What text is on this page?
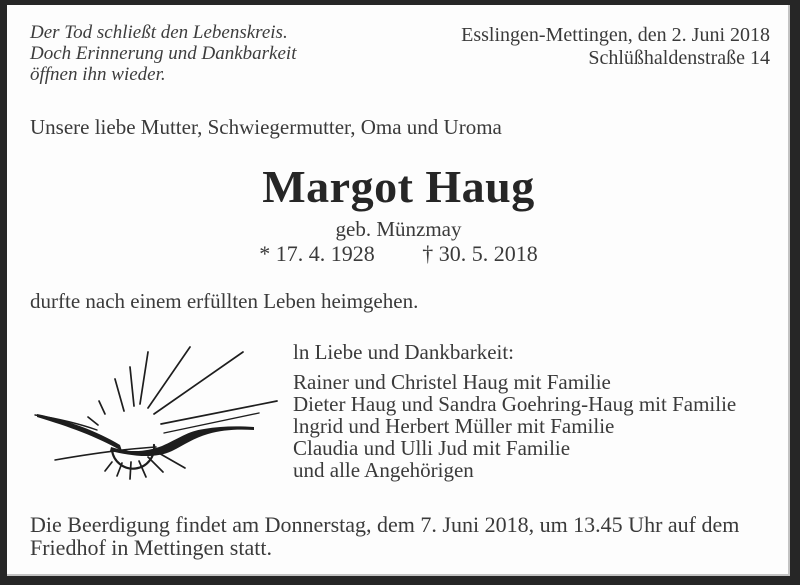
Der Tod schließt den Lebenskreis.
Doch Erinnerung und Dankbarkeit
öffnen ihn wieder.
Esslingen-Mettingen, den 2. Juni 2018
Schlüßhaldenstraße 14
Unsere liebe Mutter, Schwiegermutter, Oma und Uroma
Margot Haug
geb. Münzmay
* 17. 4. 1928 † 30. 5. 2018
durfte nach einem erfüllten Leben heimgehen.
ln Liebe und Dankbarkeit:
Rainer und Christel Haug mit Familie
Dieter Haug und Sandra Goehring-Haug mit Familie
lngrid und Herbert Müller mit Familie
Claudia und Ulli Jud mit Familie
und alle Angehörigen
Die Beerdigung findet am Donnerstag, dem 7. Juni 2018, um 13.45 Uhr auf dem
Friedhof in Mettingen statt.
